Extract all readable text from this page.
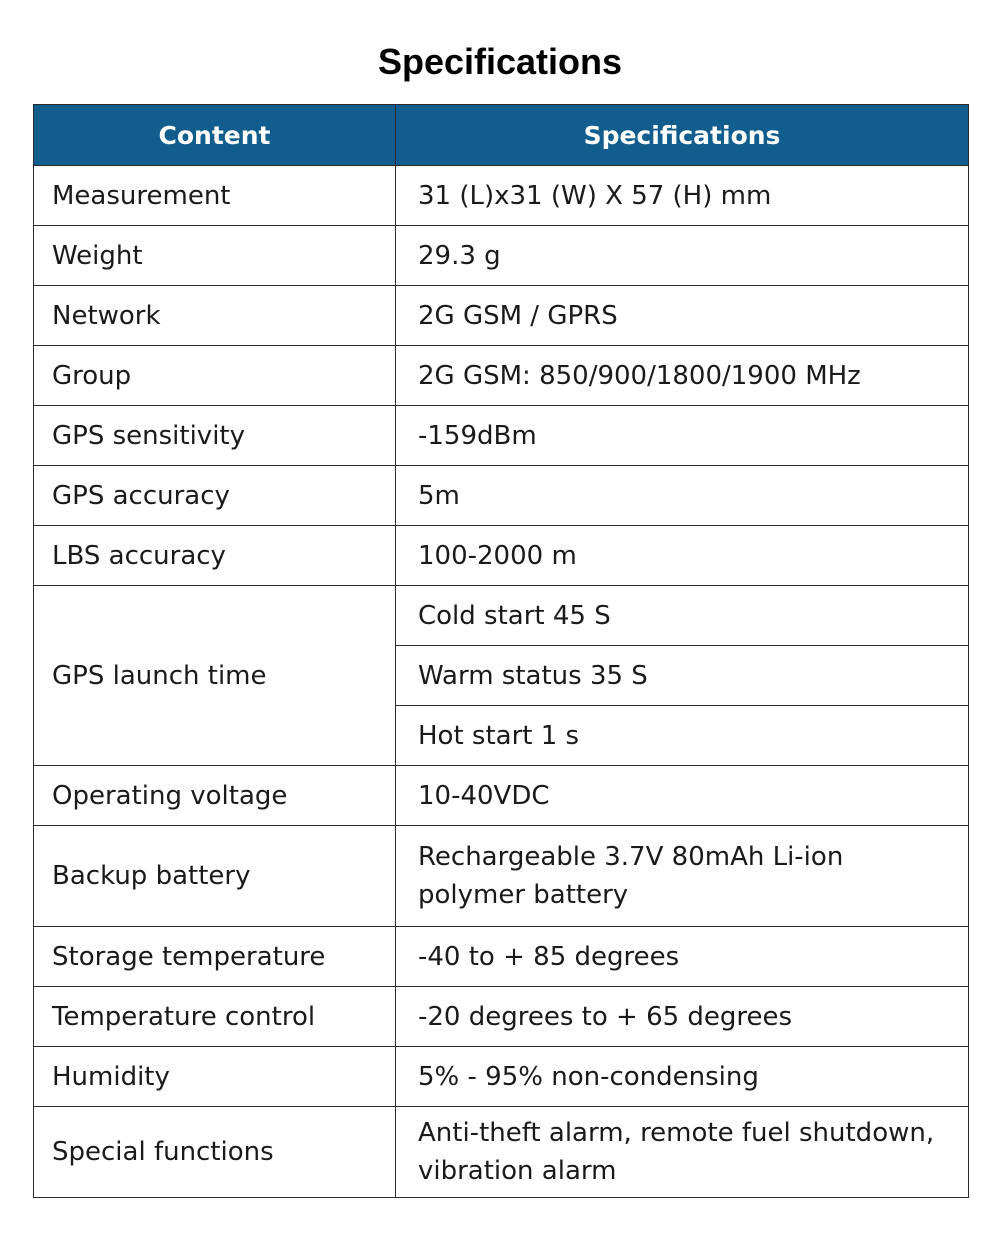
Specifications
Content	Specifications
Measurement	31 (L)x31 (W) X 57 (H) mm
Weight	29.3 g
Network	2G GSM / GPRS
Group	2G GSM: 850/900/1800/1900 MHz
GPS sensitivity	-159dBm
GPS accuracy	5m
LBS accuracy	100-2000 m
GPS launch time	Cold start 45 S
	Warm status 35 S
	Hot start 1 s
Operating voltage	10-40VDC
Backup battery	Rechargeable 3.7V 80mAh Li-ion polymer battery
Storage temperature	-40 to + 85 degrees
Temperature control	-20 degrees to + 65 degrees
Humidity	5% - 95% non-condensing
Special functions	Anti-theft alarm, remote fuel shutdown, vibration alarm
